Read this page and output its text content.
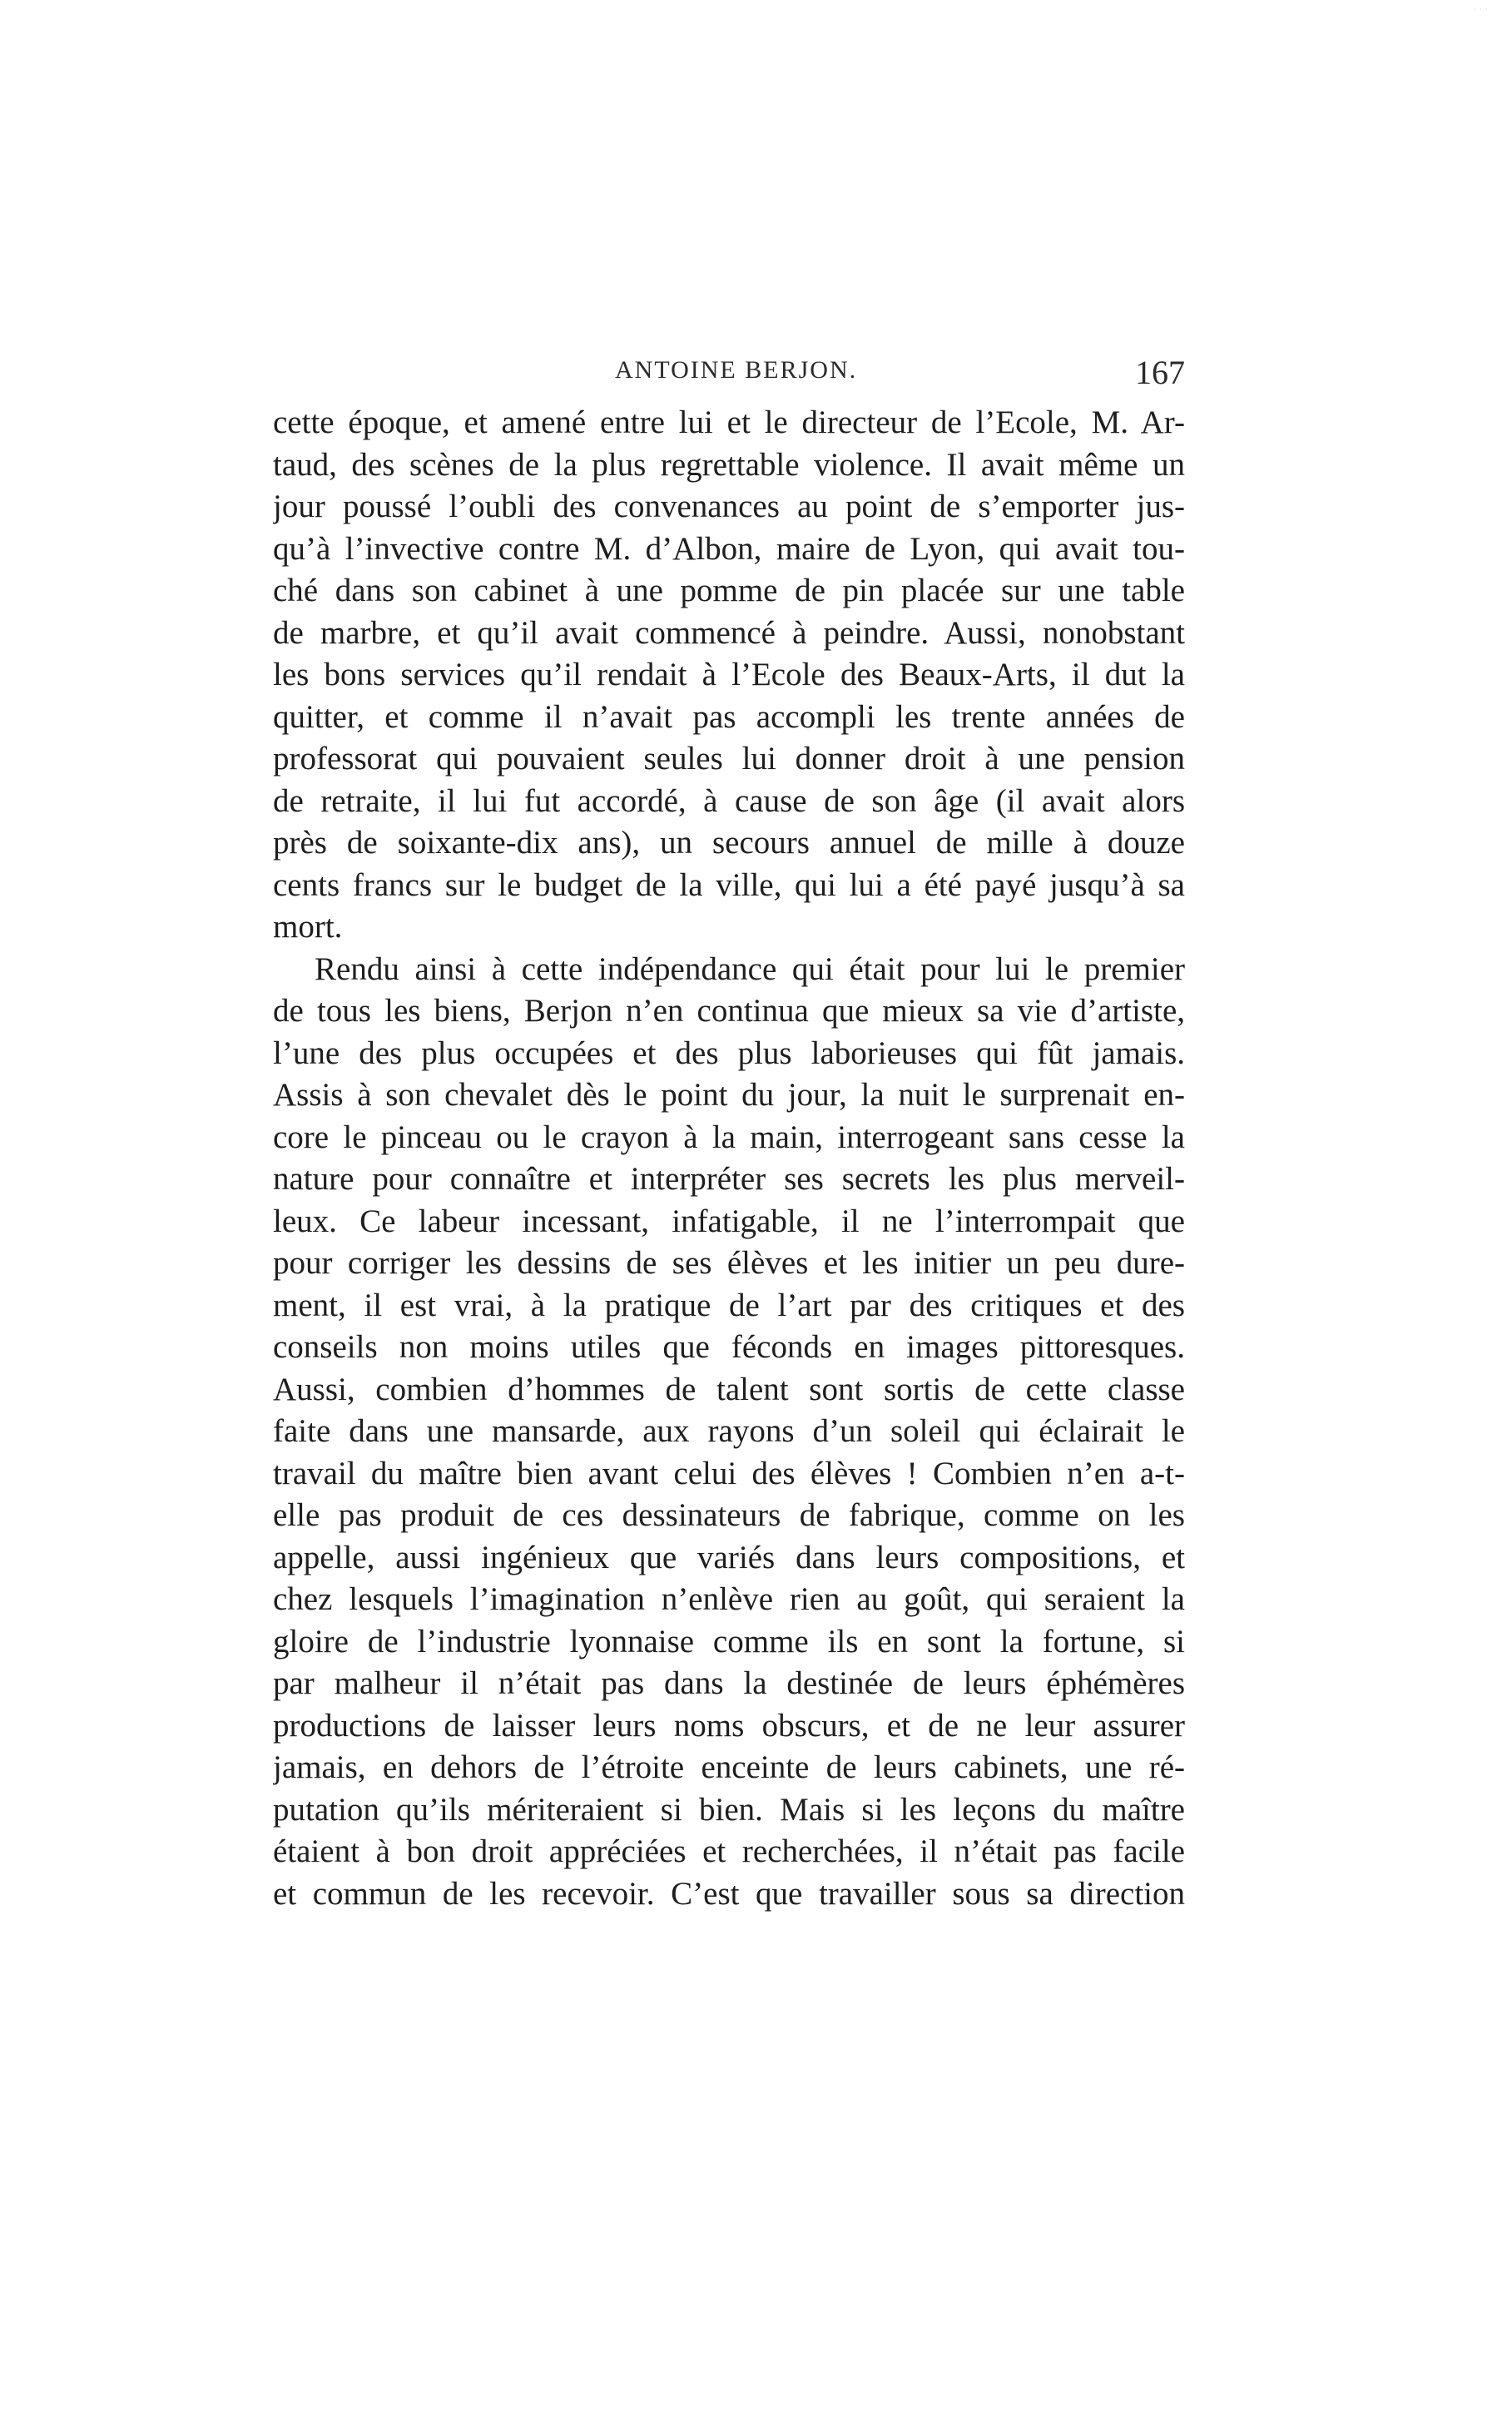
· · ·
ANTOINE BERJON.	167
cette époque, et amené entre lui et le directeur de l’Ecole, M. Ar-
taud, des scènes de la plus regrettable violence. Il avait même un
jour poussé l’oubli des convenances au point de s’emporter jus-
qu’à l’invective contre M. d’Albon, maire de Lyon, qui avait tou-
ché dans son cabinet à une pomme de pin placée sur une table
de marbre, et qu’il avait commencé à peindre. Aussi, nonobstant
les bons services qu’il rendait à l’Ecole des Beaux-Arts, il dut la
quitter, et comme il n’avait pas accompli les trente années de
professorat qui pouvaient seules lui donner droit à une pension
de retraite, il lui fut accordé, à cause de son âge (il avait alors
près de soixante-dix ans), un secours annuel de mille à douze
cents francs sur le budget de la ville, qui lui a été payé jusqu’à sa
mort.
Rendu ainsi à cette indépendance qui était pour lui le premier
de tous les biens, Berjon n’en continua que mieux sa vie d’artiste,
l’une des plus occupées et des plus laborieuses qui fût jamais.
Assis à son chevalet dès le point du jour, la nuit le surprenait en-
core le pinceau ou le crayon à la main, interrogeant sans cesse la
nature pour connaître et interpréter ses secrets les plus merveil-
leux. Ce labeur incessant, infatigable, il ne l’interrompait que
pour corriger les dessins de ses élèves et les initier un peu dure-
ment, il est vrai, à la pratique de l’art par des critiques et des
conseils non moins utiles que féconds en images pittoresques.
Aussi, combien d’hommes de talent sont sortis de cette classe
faite dans une mansarde, aux rayons d’un soleil qui éclairait le
travail du maître bien avant celui des élèves ! Combien n’en a-t-
elle pas produit de ces dessinateurs de fabrique, comme on les
appelle, aussi ingénieux que variés dans leurs compositions, et
chez lesquels l’imagination n’enlève rien au goût, qui seraient la
gloire de l’industrie lyonnaise comme ils en sont la fortune, si
par malheur il n’était pas dans la destinée de leurs éphémères
productions de laisser leurs noms obscurs, et de ne leur assurer
jamais, en dehors de l’étroite enceinte de leurs cabinets, une ré-
putation qu’ils mériteraient si bien. Mais si les leçons du maître
étaient à bon droit appréciées et recherchées, il n’était pas facile
et commun de les recevoir. C’est que travailler sous sa direction
